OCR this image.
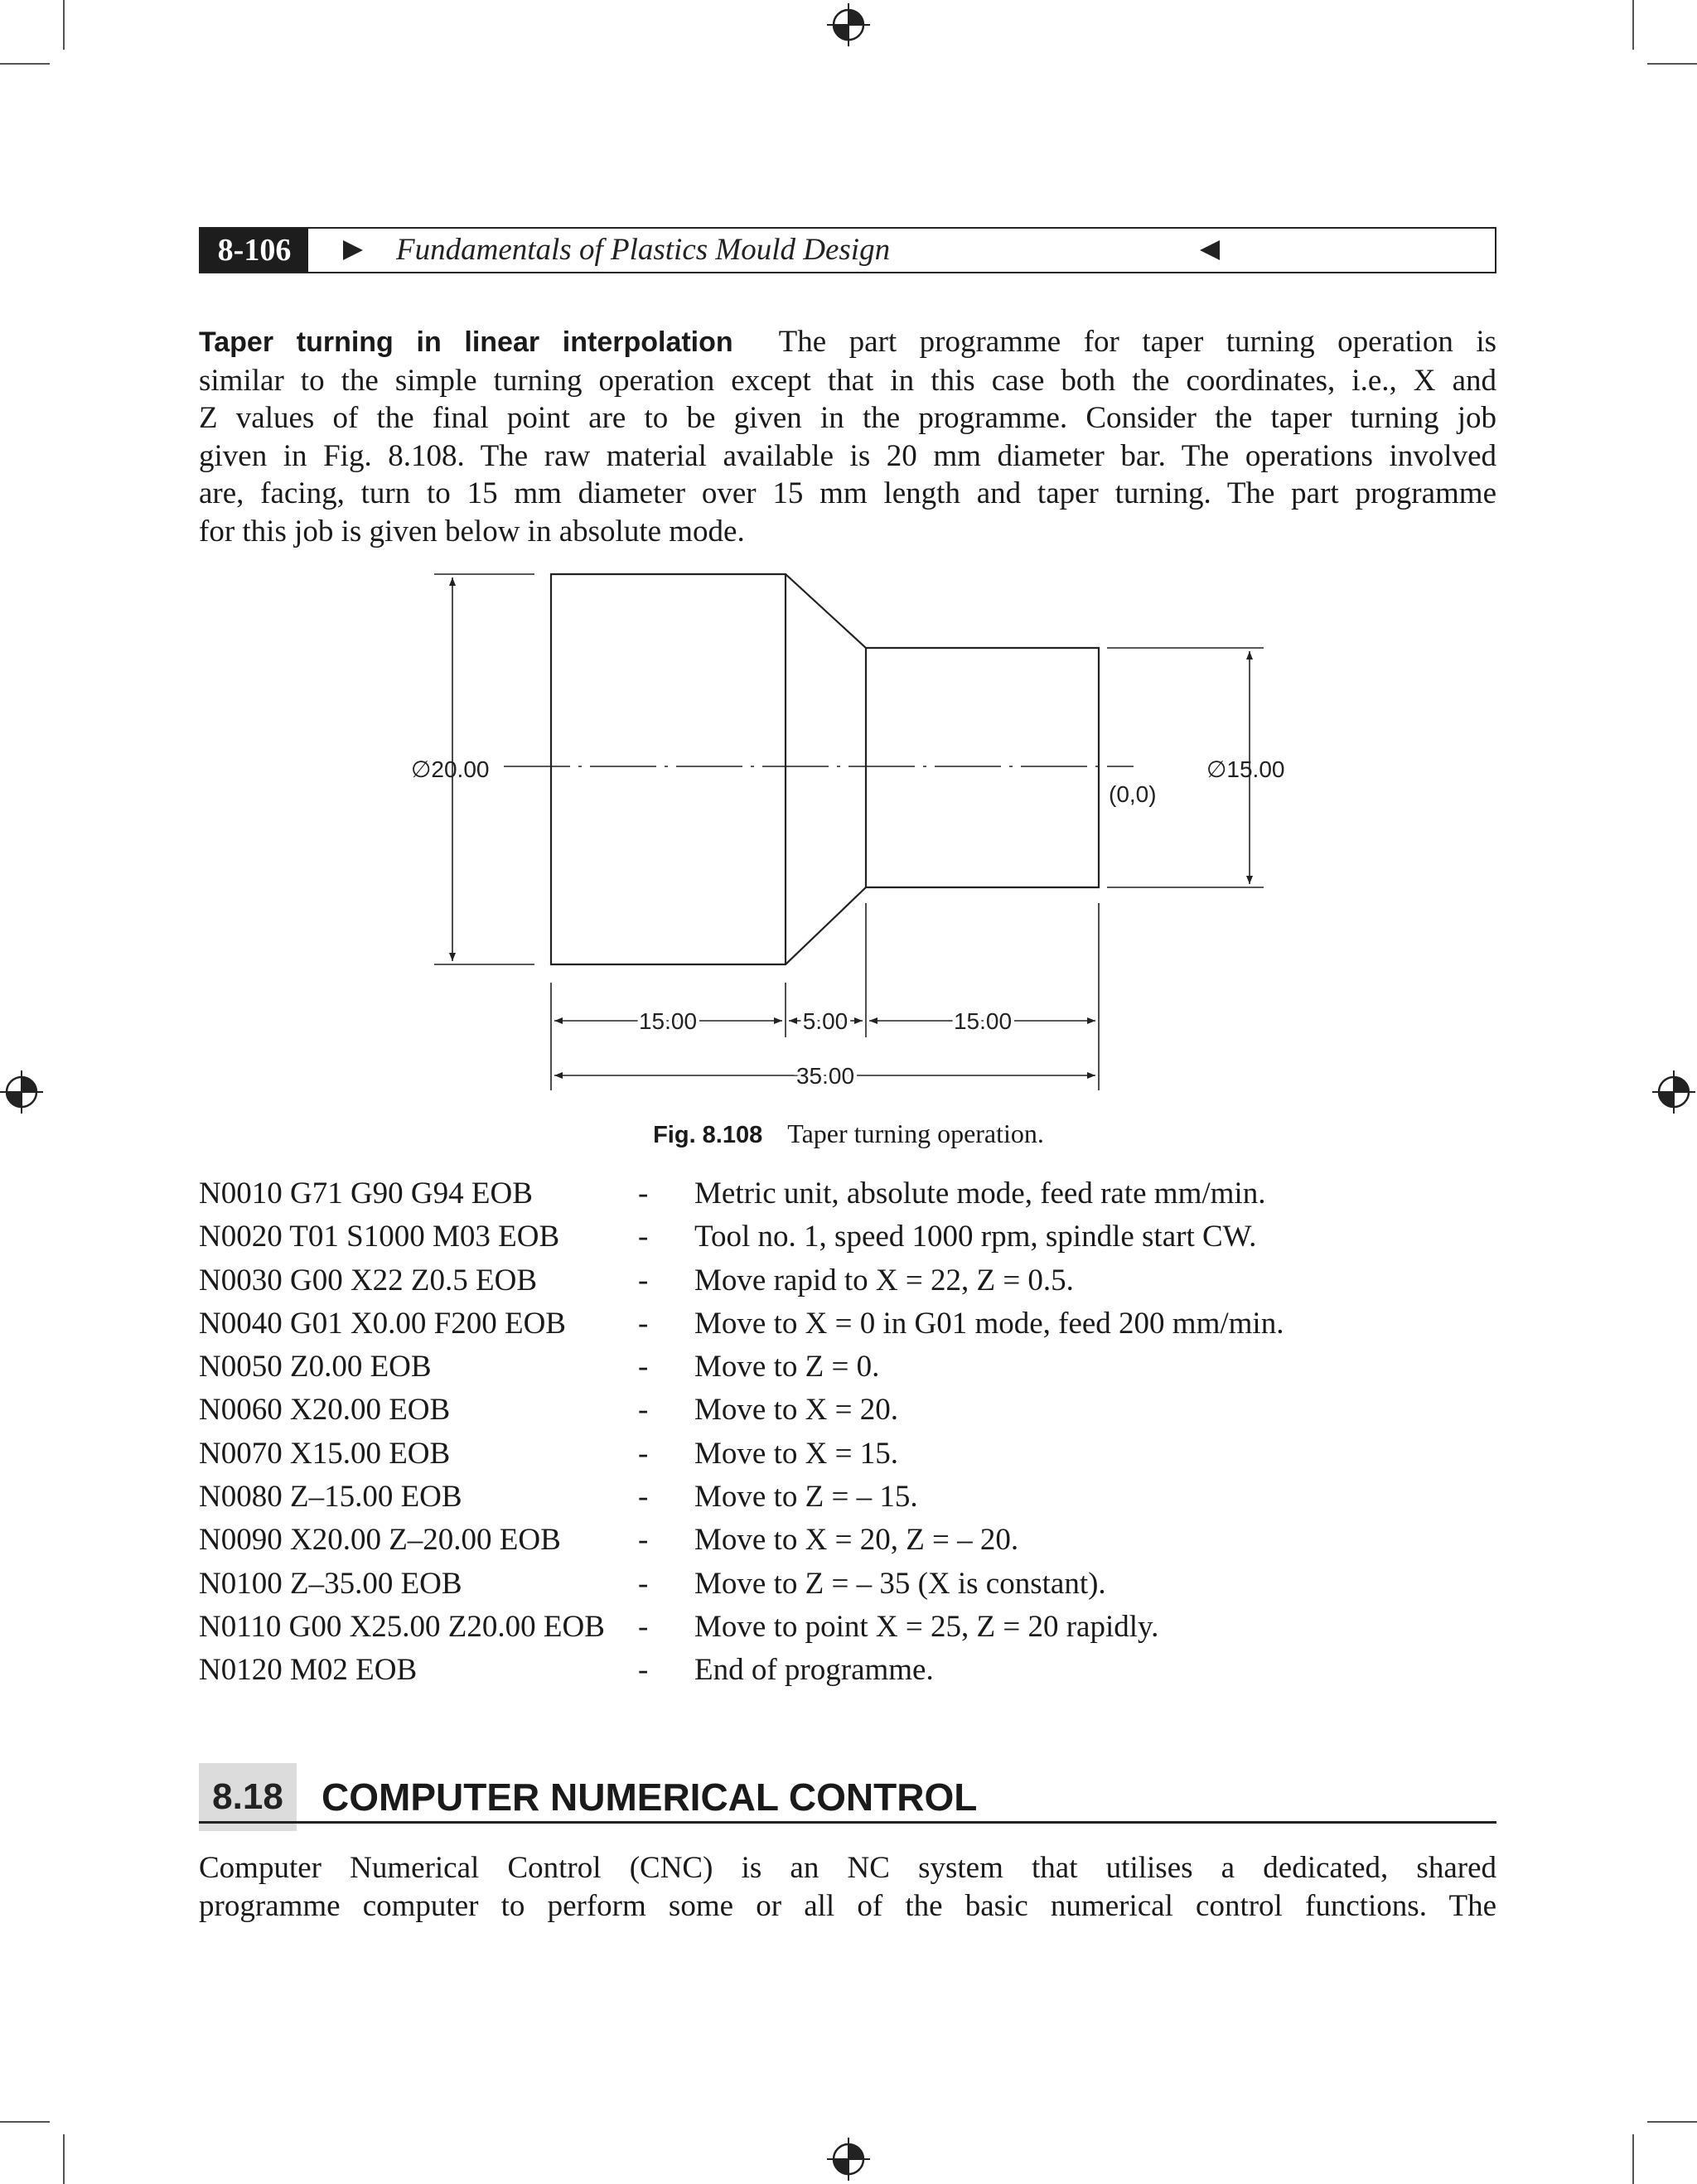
8-106	Fundamentals of Plastics Mould Design
Taper turning in linear interpolation The part programme for taper turning operation is
similar to the simple turning operation except that in this case both the coordinates, i.e., X and
Z values of the final point are to be given in the programme. Consider the taper turning job
given in Fig. 8.108. The raw material available is 20 mm diameter bar. The operations involved
are, facing, turn to 15 mm diameter over 15 mm length and taper turning. The part programme
for this job is given below in absolute mode.
∅20.00	∅15.00
(0,0)
15.00	5.00	15.00
35.00
Fig. 8.108 Taper turning operation.
N0010 G71 G90 G94 EOB	- Metric unit, absolute mode, feed rate mm/min.
N0020 T01 S1000 M03 EOB	- Tool no. 1, speed 1000 rpm, spindle start CW.
N0030 G00 X22 Z0.5 EOB	- Move rapid to X = 22, Z = 0.5.
N0040 G01 X0.00 F200 EOB - Move to X = 0 in G01 mode, feed 200 mm/min.
N0050 Z0.00 EOB	- Move to Z = 0.
N0060 X20.00 EOB	- Move to X = 20.
N0070 X15.00 EOB	- Move to X = 15.
N0080 Z–15.00 EOB	- Move to Z = – 15.
N0090 X20.00 Z–20.00 EOB	- Move to X = 20, Z = – 20.
N0100 Z–35.00 EOB	- Move to Z = – 35 (X is constant).
N0110 G00 X25.00 Z20.00 EOB - Move to point X = 25, Z = 20 rapidly.
N0120 M02 EOB	- End of programme.
8.18	COMPUTER NUMERICAL CONTROL
Computer Numerical Control (CNC) is an NC system that utilises a dedicated, shared
programme computer to perform some or all of the basic numerical control functions. The
